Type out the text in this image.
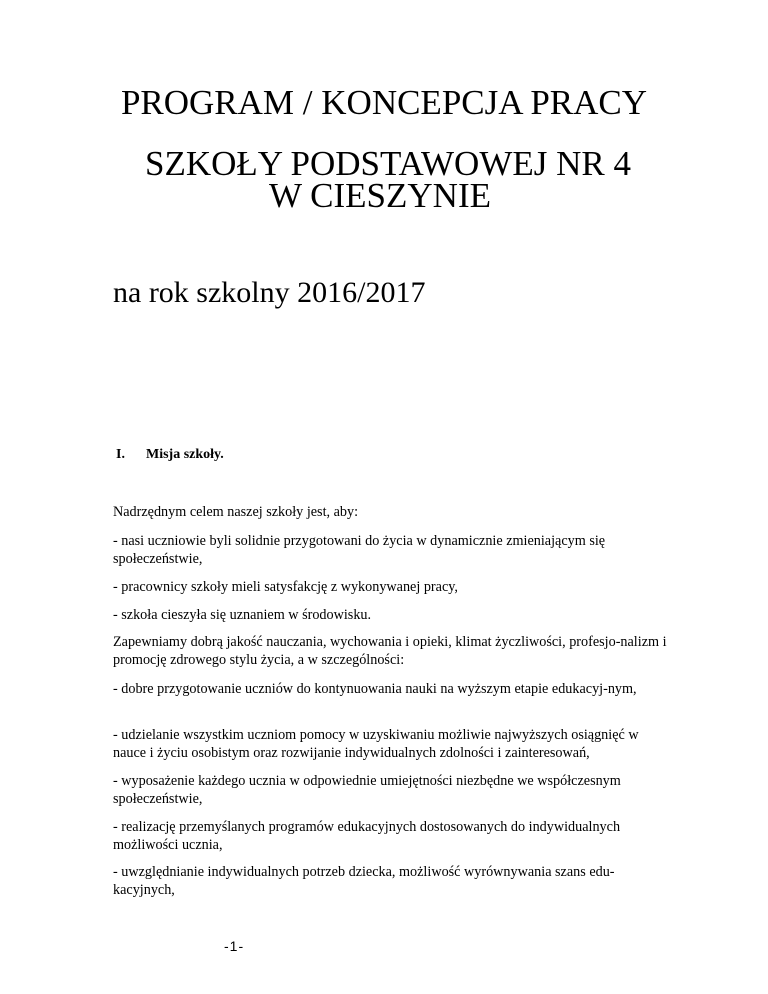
PROGRAM / KONCEPCJA PRACY
SZKOŁY PODSTAWOWEJ NR 4
W CIESZYNIE
na rok szkolny 2016/2017
I. Misja szkoły.

Nadrzędnym celem naszej szkoły jest, aby:

- nasi uczniowie byli solidnie przygotowani do życia w dynamicznie zmieniającym się społeczeństwie,

- pracownicy szkoły mieli satysfakcję z wykonywanej pracy,

- szkoła cieszyła się uznaniem w środowisku.

Zapewniamy dobrą jakość nauczania, wychowania i opieki, klimat życzliwości, profesjo-nalizm i promocję zdrowego stylu życia, a w szczególności:

- dobre przygotowanie uczniów do kontynuowania nauki na wyższym etapie edukacyj-nym,

- udzielanie wszystkim uczniom pomocy w uzyskiwaniu możliwie najwyższych osiągnięć w nauce i życiu osobistym oraz rozwijanie indywidualnych zdolności i zainteresowań,

- wyposażenie każdego ucznia w odpowiednie umiejętności niezbędne we współczesnym społeczeństwie,

- realizację przemyślanych programów edukacyjnych dostosowanych do indywidualnych możliwości ucznia,

- uwzględnianie indywidualnych potrzeb dziecka, możliwość wyrównywania szans edu-kacyjnych,

-1-
